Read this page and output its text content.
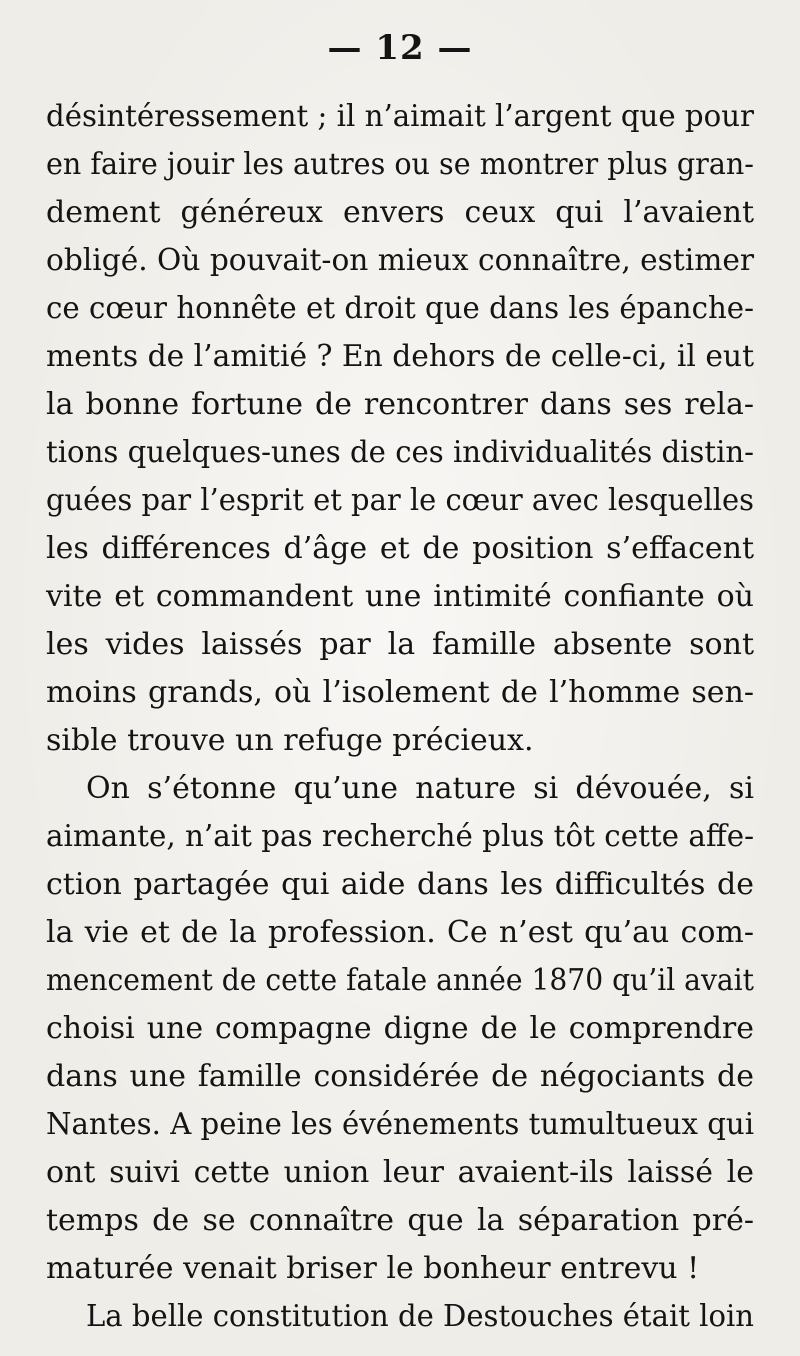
— 12 —
désintéressement ; il n’aimait l’argent que pour
en faire jouir les autres ou se montrer plus gran-
dement généreux envers ceux qui l’avaient
obligé. Où pouvait-on mieux connaître, estimer
ce cœur honnête et droit que dans les épanche-
ments de l’amitié ? En dehors de celle-ci, il eut
la bonne fortune de rencontrer dans ses rela-
tions quelques-unes de ces individualités distin-
guées par l’esprit et par le cœur avec lesquelles
les différences d’âge et de position s’effacent
vite et commandent une intimité confiante où
les vides laissés par la famille absente sont
moins grands, où l’isolement de l’homme sen-
sible trouve un refuge précieux.
On s’étonne qu’une nature si dévouée, si
aimante, n’ait pas recherché plus tôt cette affe-
ction partagée qui aide dans les difficultés de
la vie et de la profession. Ce n’est qu’au com-
mencement de cette fatale année 1870 qu’il avait
choisi une compagne digne de le comprendre
dans une famille considérée de négociants de
Nantes. A peine les événements tumultueux qui
ont suivi cette union leur avaient-ils laissé le
temps de se connaître que la séparation pré-
maturée venait briser le bonheur entrevu !
La belle constitution de Destouches était loin
